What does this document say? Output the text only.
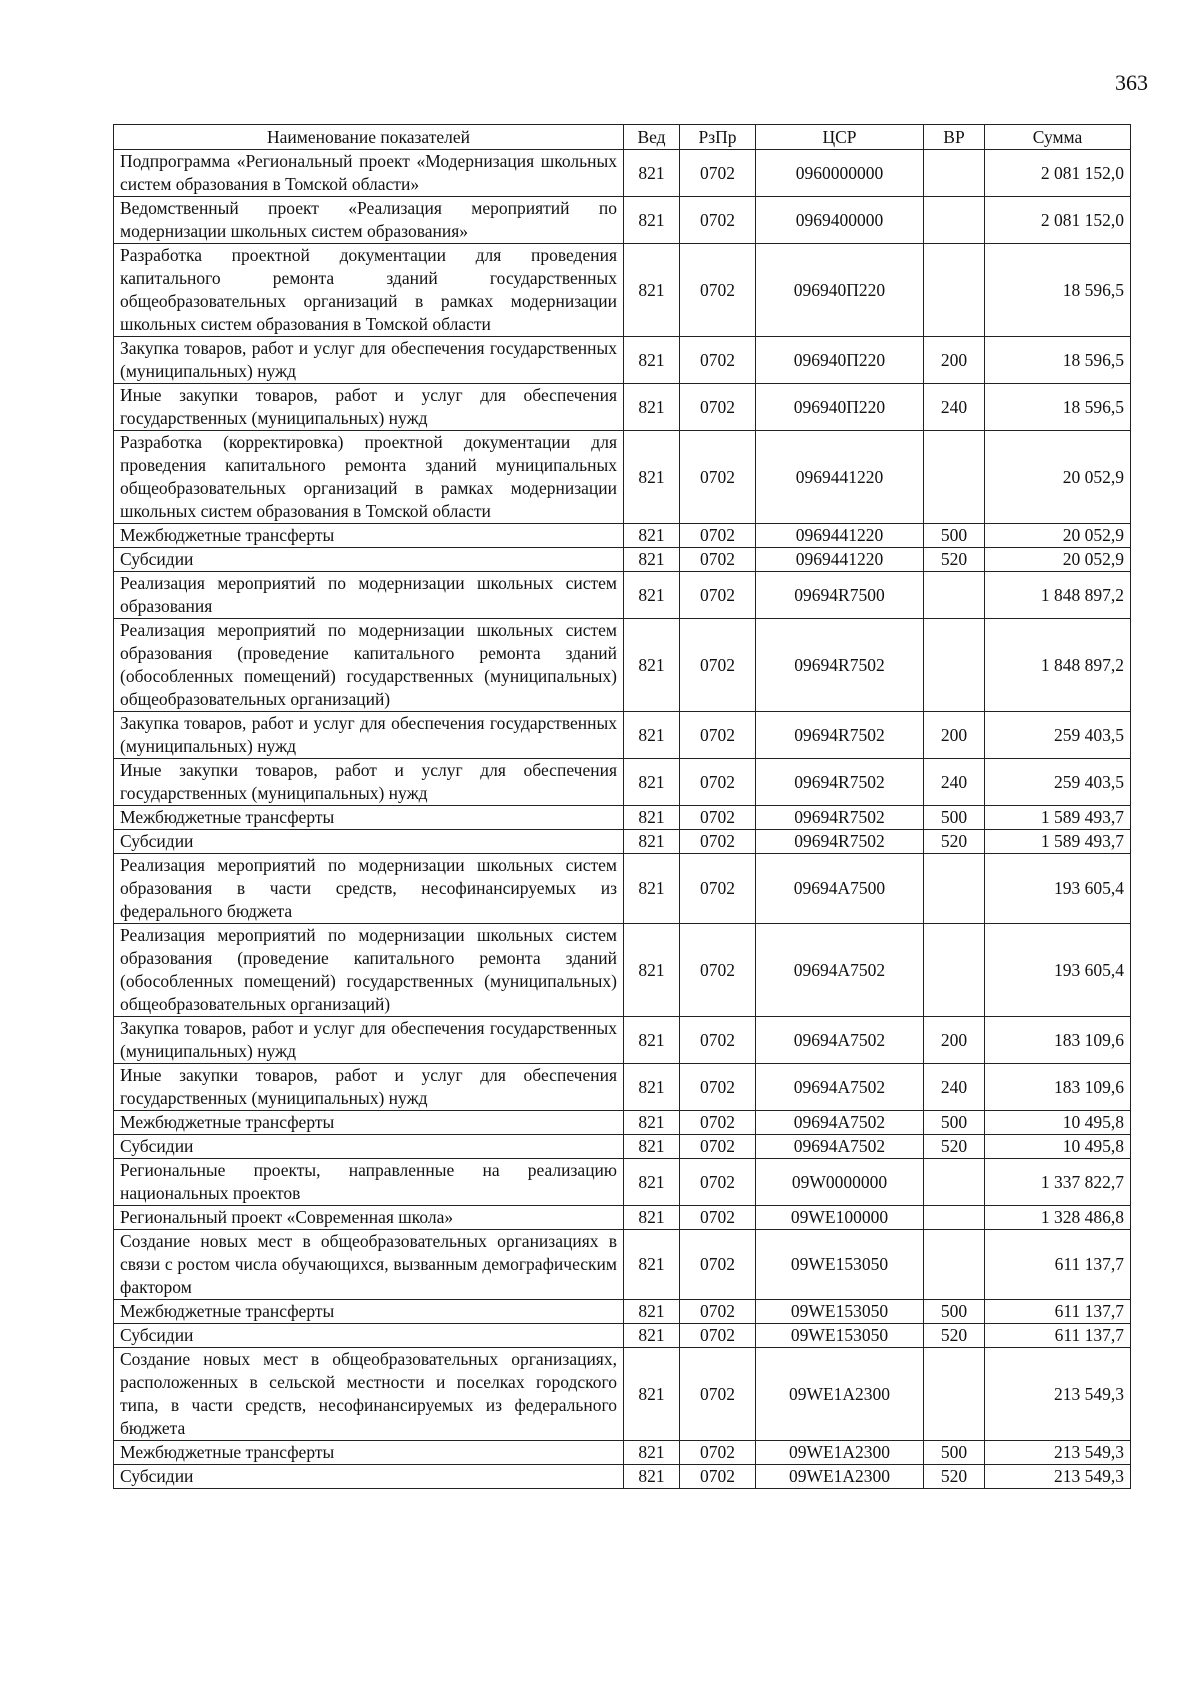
363
Наименование показателей	Вед	РзПр	ЦСР	ВР	Сумма
Подпрограмма «Региональный проект «Модернизация школьных систем образования в Томской области»	821	0702	0960000000		2 081 152,0
Ведомственный проект «Реализация мероприятий по модернизации школьных систем образования»	821	0702	0969400000		2 081 152,0
Разработка проектной документации для проведения капитального ремонта зданий государственных общеобразовательных организаций в рамках модернизации школьных систем образования в Томской области	821	0702	096940П220		18 596,5
Закупка товаров, работ и услуг для обеспечения государственных (муниципальных) нужд	821	0702	096940П220	200	18 596,5
Иные закупки товаров, работ и услуг для обеспечения государственных (муниципальных) нужд	821	0702	096940П220	240	18 596,5
Разработка (корректировка) проектной документации для проведения капитального ремонта зданий муниципальных общеобразовательных организаций в рамках модернизации школьных систем образования в Томской области	821	0702	0969441220		20 052,9
Межбюджетные трансферты	821	0702	0969441220	500	20 052,9
Субсидии	821	0702	0969441220	520	20 052,9
Реализация мероприятий по модернизации школьных систем образования	821	0702	09694R7500		1 848 897,2
Реализация мероприятий по модернизации школьных систем образования (проведение капитального ремонта зданий (обособленных помещений) государственных (муниципальных) общеобразовательных организаций)	821	0702	09694R7502		1 848 897,2
Закупка товаров, работ и услуг для обеспечения государственных (муниципальных) нужд	821	0702	09694R7502	200	259 403,5
Иные закупки товаров, работ и услуг для обеспечения государственных (муниципальных) нужд	821	0702	09694R7502	240	259 403,5
Межбюджетные трансферты	821	0702	09694R7502	500	1 589 493,7
Субсидии	821	0702	09694R7502	520	1 589 493,7
Реализация мероприятий по модернизации школьных систем образования в части средств, несофинансируемых из федерального бюджета	821	0702	09694A7500		193 605,4
Реализация мероприятий по модернизации школьных систем образования (проведение капитального ремонта зданий (обособленных помещений) государственных (муниципальных) общеобразовательных организаций)	821	0702	09694A7502		193 605,4
Закупка товаров, работ и услуг для обеспечения государственных (муниципальных) нужд	821	0702	09694A7502	200	183 109,6
Иные закупки товаров, работ и услуг для обеспечения государственных (муниципальных) нужд	821	0702	09694A7502	240	183 109,6
Межбюджетные трансферты	821	0702	09694A7502	500	10 495,8
Субсидии	821	0702	09694A7502	520	10 495,8
Региональные проекты, направленные на реализацию национальных проектов	821	0702	09W0000000		1 337 822,7
Региональный проект «Современная школа»	821	0702	09WE100000		1 328 486,8
Создание новых мест в общеобразовательных организациях в связи с ростом числа обучающихся, вызванным демографическим фактором	821	0702	09WE153050		611 137,7
Межбюджетные трансферты	821	0702	09WE153050	500	611 137,7
Субсидии	821	0702	09WE153050	520	611 137,7
Создание новых мест в общеобразовательных организациях, расположенных в сельской местности и поселках городского типа, в части средств, несофинансируемых из федерального бюджета	821	0702	09WE1A2300		213 549,3
Межбюджетные трансферты	821	0702	09WE1A2300	500	213 549,3
Субсидии	821	0702	09WE1A2300	520	213 549,3
